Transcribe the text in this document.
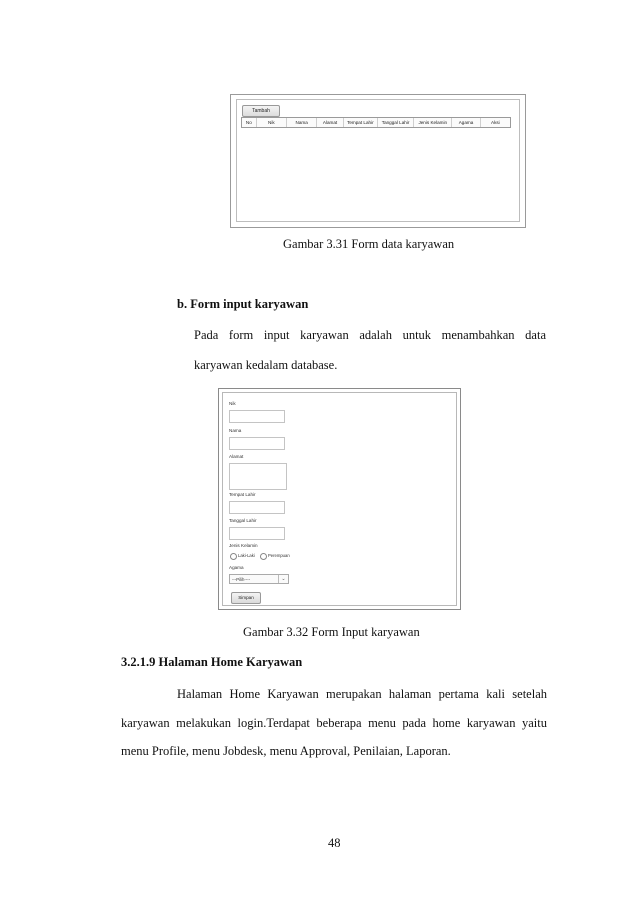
Tambah
No	Nik	Nama	Alamat	Tempat Lahir	Tanggal Lahir	Jenis Kelamin	Agama	Aksi
Gambar 3.31 Form data karyawan
b. Form input karyawan
Pada form input karyawan adalah untuk menambahkan data
karyawan kedalam database.
Nik
Nama
Alamat
Tempat Lahir
Tanggal Lahir
Jenis Kelamin
Laki-Laki	Perempuan
Agama
---Pilih----	⌄
Simpan
Gambar 3.32 Form Input karyawan
3.2.1.9 Halaman Home Karyawan
Halaman Home Karyawan merupakan halaman pertama kali setelah
karyawan melakukan login.Terdapat beberapa menu pada home karyawan yaitu
menu Profile, menu Jobdesk, menu Approval, Penilaian, Laporan.
48
